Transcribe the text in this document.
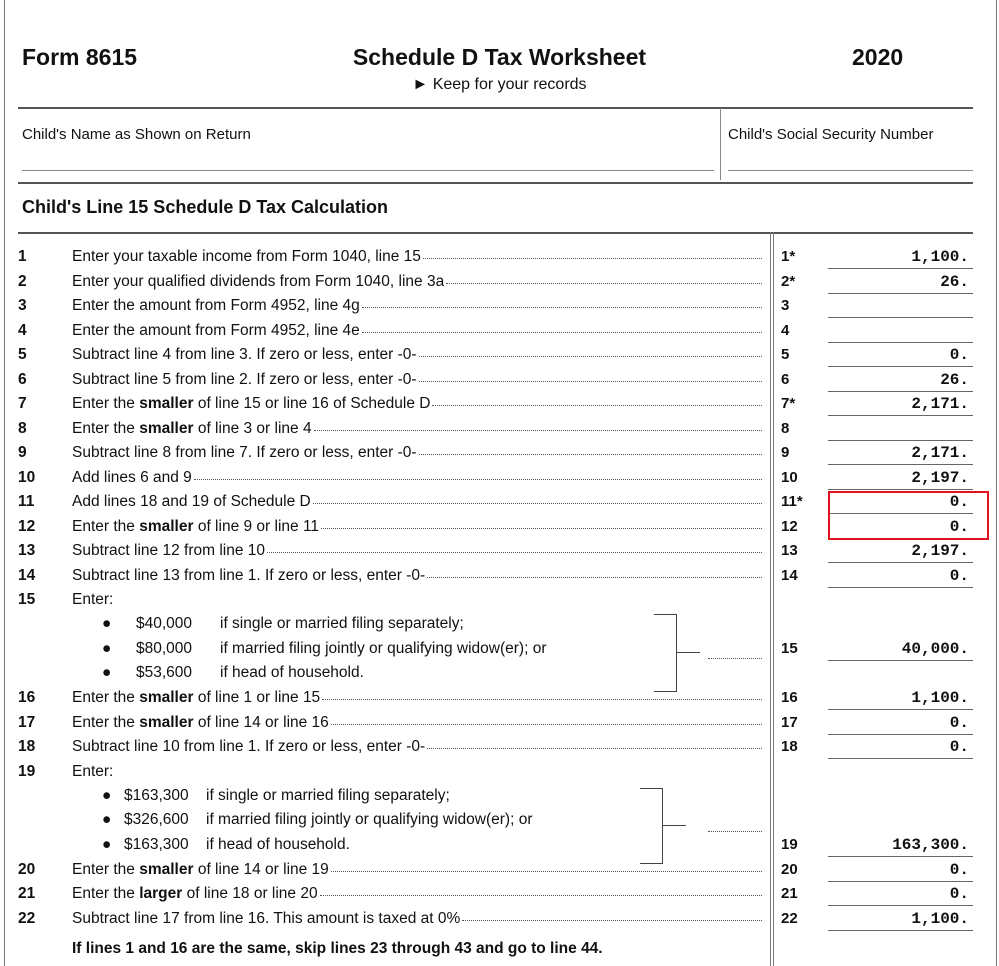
Form 8615	Schedule D Tax Worksheet
► Keep for your records
2020
Child's Name as Shown on Return	Child's Social Security Number
Child's Line 15 Schedule D Tax Calculation
1	Enter your taxable income from Form 1040, line 15	1*	1,100.
2	Enter your qualified dividends from Form 1040, line 3a	2*	26.
3	Enter the amount from Form 4952, line 4g	3
4	Enter the amount from Form 4952, line 4e	4
5	Subtract line 4 from line 3. If zero or less, enter -0-	5	0.
6	Subtract line 5 from line 2. If zero or less, enter -0-	6	26.
7	Enter the smaller of line 15 or line 16 of Schedule D	7*	2,171.
8	Enter the smaller of line 3 or line 4	8
9	Subtract line 8 from line 7. If zero or less, enter -0-	9	2,171.
10	Add lines 6 and 9	10	2,197.
11	Add lines 18 and 19 of Schedule D	11*	0.
12	Enter the smaller of line 9 or line 11	12	0.
13	Subtract line 12 from line 10	13	2,197.
14	Subtract line 13 from line 1. If zero or less, enter -0-	14	0.
15	Enter:
● $40,000 if single or married filing separately;
● $80,000 if married filing jointly or qualifying widow(er); or
● $53,600 if head of household.
15	40,000.
16	Enter the smaller of line 1 or line 15	16	1,100.
17	Enter the smaller of line 14 or line 16	17	0.
18	Subtract line 10 from line 1. If zero or less, enter -0-	18	0.
19	Enter:
● $163,300 if single or married filing separately;
● $326,600 if married filing jointly or qualifying widow(er); or
● $163,300 if head of household.	19	163,300.
20	Enter the smaller of line 14 or line 19	20	0.
21	Enter the larger of line 18 or line 20	21	0.
22	Subtract line 17 from line 16. This amount is taxed at 0%	22	1,100.
If lines 1 and 16 are the same, skip lines 23 through 43 and go to line 44.
